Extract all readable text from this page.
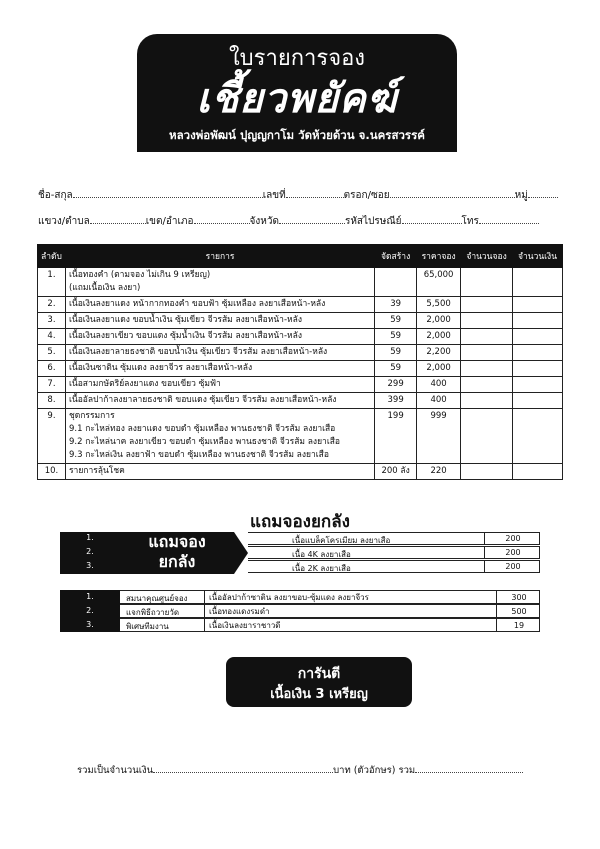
ใบรายการจอง
เชี้ยวพยัคฆ์
หลวงพ่อพัฒน์ ปุญญกาโม วัดห้วยด้วน จ.นครสวรรค์
ชื่อ-สกุล	เลขที่	ตรอก/ซอย	หมู่
แขวง/ตำบล	เขต/อำเภอ	จังหวัด	รหัสไปรษณีย์	โทร
ลำดับ	รายการ	จัดสร้าง	ราคาจอง	จำนวนจอง	จำนวนเงิน
1.	เนื้อทองคำ (ตามจอง ไม่เกิน 9 เหรียญ)
(แถมเนื้อเงิน ลงยา)		65,000		
2.	เนื้อเงินลงยาแดง หน้ากากทองคำ ขอบฟ้า ซุ้มเหลือง ลงยาเสือหน้า-หลัง	39	5,500		
3.	เนื้อเงินลงยาแดง ขอบน้ำเงิน ซุ้มเขียว จีวรส้ม ลงยาเสือหน้า-หลัง	59	2,000		
4.	เนื้อเงินลงยาเขียว ขอบแดง ซุ้มน้ำเงิน จีวรส้ม ลงยาเสือหน้า-หลัง	59	2,000		
5.	เนื้อเงินลงยาลายธงชาติ ขอบน้ำเงิน ซุ้มเขียว จีวรส้ม ลงยาเสือหน้า-หลัง	59	2,200		
6.	เนื้อเงินซาติน ซุ้มแดง ลงยาจีวร ลงยาเสือหน้า-หลัง	59	2,000		
7.	เนื้อสามกษัตริย์ลงยาแดง ขอบเขียว ซุ้มฟ้า	299	400		
8.	เนื้ออัลปาก้าลงยาลายธงชาติ ขอบแดง ซุ้มเขียว จีวรส้ม ลงยาเสือหน้า-หลัง	399	400		
9.	ชุดกรรมการ
9.1 กะไหล่ทอง ลงยาแดง ขอบดำ ซุ้มเหลือง พานธงชาติ จีวรส้ม ลงยาเสือ
9.2 กะไหล่นาค ลงยาเขียว ขอบดำ ซุ้มเหลือง พานธงชาติ จีวรส้ม ลงยาเสือ
9.3 กะไหล่เงิน ลงยาฟ้า ขอบดำ ซุ้มเหลือง พานธงชาติ จีวรส้ม ลงยาเสือ	199	999		
10.	รายการลุ้นโชค	200 ลัง	220		
แถมจองยกลัง
1.
2.
3.
แถมจอง
ยกลัง
เนื้อแบล็คโครเมียม ลงยาเสือ	200
เนื้อ 4K ลงยาเสือ	200
เนื้อ 2K ลงยาเสือ	200
1.
2.
3.
สมนาคุณศูนย์จอง	เนื้ออัลปาก้าซาติน ลงยาขอบ-ซุ้มแดง ลงยาจีวร	300
แจกพิธีถวายวัด	เนื้อทองแดงรมดำ	500
พิเศษทีมงาน	เนื้อเงินลงยาราชาวดี	19
การันตี
เนื้อเงิน 3 เหรียญ
รวมเป็นจำนวนเงิน	บาท (ตัวอักษร) รวม
